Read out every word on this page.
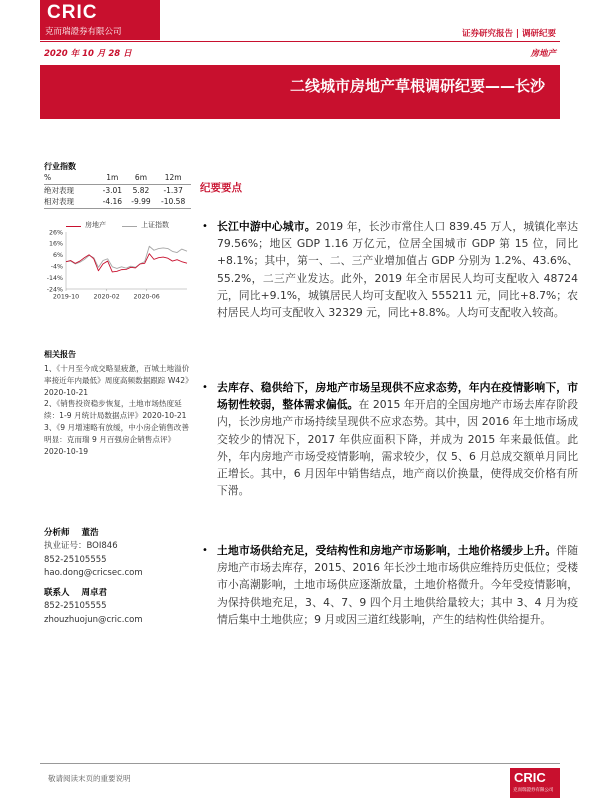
CRIC
克而瑞證券有限公司	证券研究报告 | 调研纪要
2020 年 10 月 28 日	房地产
二线城市房地产草根调研纪要——长沙
行业指数
%	1m	6m	12m
绝对表现	-3.01	5.82	-1.37
相对表现	-4.16	-9.99	-10.58
房地产	上证指数
26%
16%
6%
-4%
-14%
-24%
2019-10 2020-02 2020-06
相关报告

1、《十月至今成交略显疲惫，百城土地溢价率接近年内最低》周度高频数据跟踪 W42》2020-10-21

2、《销售投资稳步恢复，土地市场热度延续：1-9 月统计局数据点评》2020-10-21

3、《9 月增速略有放缓，中小房企销售改善明显：克而瑞 9 月百强房企销售点评》2020-10-19

分析师 董浩
执业证号：BOI846
852-25105555
hao.dong@cricsec.com
联系人 周卓君
852-25105555
zhouzhuojun@cric.com
纪要要点
• 长江中游中心城市。2019 年，长沙市常住人口 839.45 万人，城镇化率达 79.56%；地区 GDP 1.16 万亿元，位居全国城市 GDP 第 15 位，同比+8.1%；其中，第一、二、三产业增加值占 GDP 分别为 1.2%、43.6%、55.2%，二三产业发达。此外，2019 年全市居民人均可支配收入 48724 元，同比+9.1%，城镇居民人均可支配收入 555211 元，同比+8.7%；农村居民人均可支配收入 32329 元，同比+8.8%。人均可支配收入较高。
• 去库存、稳供给下，房地产市场呈现供不应求态势，年内在疫情影响下，市场韧性较弱，整体需求偏低。在 2015 年开启的全国房地产市场去库存阶段内，长沙房地产市场持续呈现供不应求态势。其中，因 2016 年土地市场成交较少的情况下，2017 年供应面积下降，并成为 2015 年来最低值。此外，年内房地产市场受疫情影响，需求较少，仅 5、6 月总成交额单月同比正增长。其中，6 月因年中销售结点，地产商以价换量，使得成交价格有所下滑。
• 土地市场供给充足，受结构性和房地产市场影响，土地价格缓步上升。伴随房地产市场去库存，2015、2016 年长沙土地市场供应维持历史低位；受楼市小高潮影响，土地市场供应逐渐放量，土地价格微升。今年受疫情影响，为保持供地充足，3、4、7、9 四个月土地供给量较大；其中 3、4 月为疫情后集中土地供应；9 月或因三道红线影响，产生的结构性供给提升。
敬请阅读末页的重要说明	CRIC
克而瑞證券有限公司
